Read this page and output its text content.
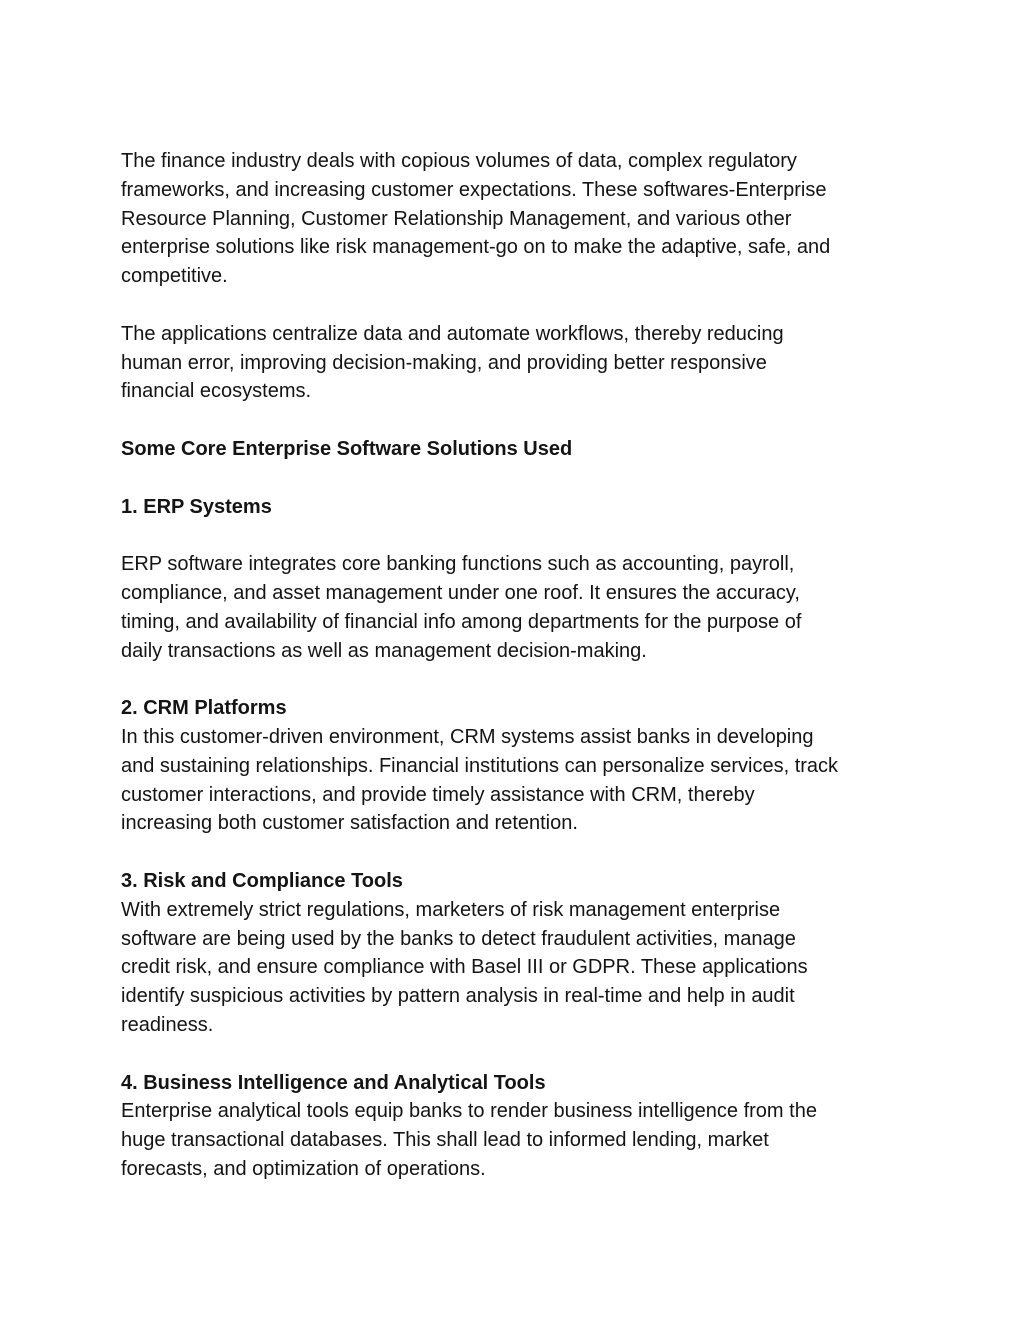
The finance industry deals with copious volumes of data, complex regulatory
frameworks, and increasing customer expectations. These softwares-Enterprise
Resource Planning, Customer Relationship Management, and various other
enterprise solutions like risk management-go on to make the adaptive, safe, and
competitive.

The applications centralize data and automate workflows, thereby reducing
human error, improving decision-making, and providing better responsive
financial ecosystems.

Some Core Enterprise Software Solutions Used

1. ERP Systems

ERP software integrates core banking functions such as accounting, payroll,
compliance, and asset management under one roof. It ensures the accuracy,
timing, and availability of financial info among departments for the purpose of
daily transactions as well as management decision-making.

2. CRM Platforms

In this customer-driven environment, CRM systems assist banks in developing
and sustaining relationships. Financial institutions can personalize services, track
customer interactions, and provide timely assistance with CRM, thereby
increasing both customer satisfaction and retention.

3. Risk and Compliance Tools

With extremely strict regulations, marketers of risk management enterprise
software are being used by the banks to detect fraudulent activities, manage
credit risk, and ensure compliance with Basel III or GDPR. These applications
identify suspicious activities by pattern analysis in real-time and help in audit
readiness.

4. Business Intelligence and Analytical Tools

Enterprise analytical tools equip banks to render business intelligence from the
huge transactional databases. This shall lead to informed lending, market
forecasts, and optimization of operations.
